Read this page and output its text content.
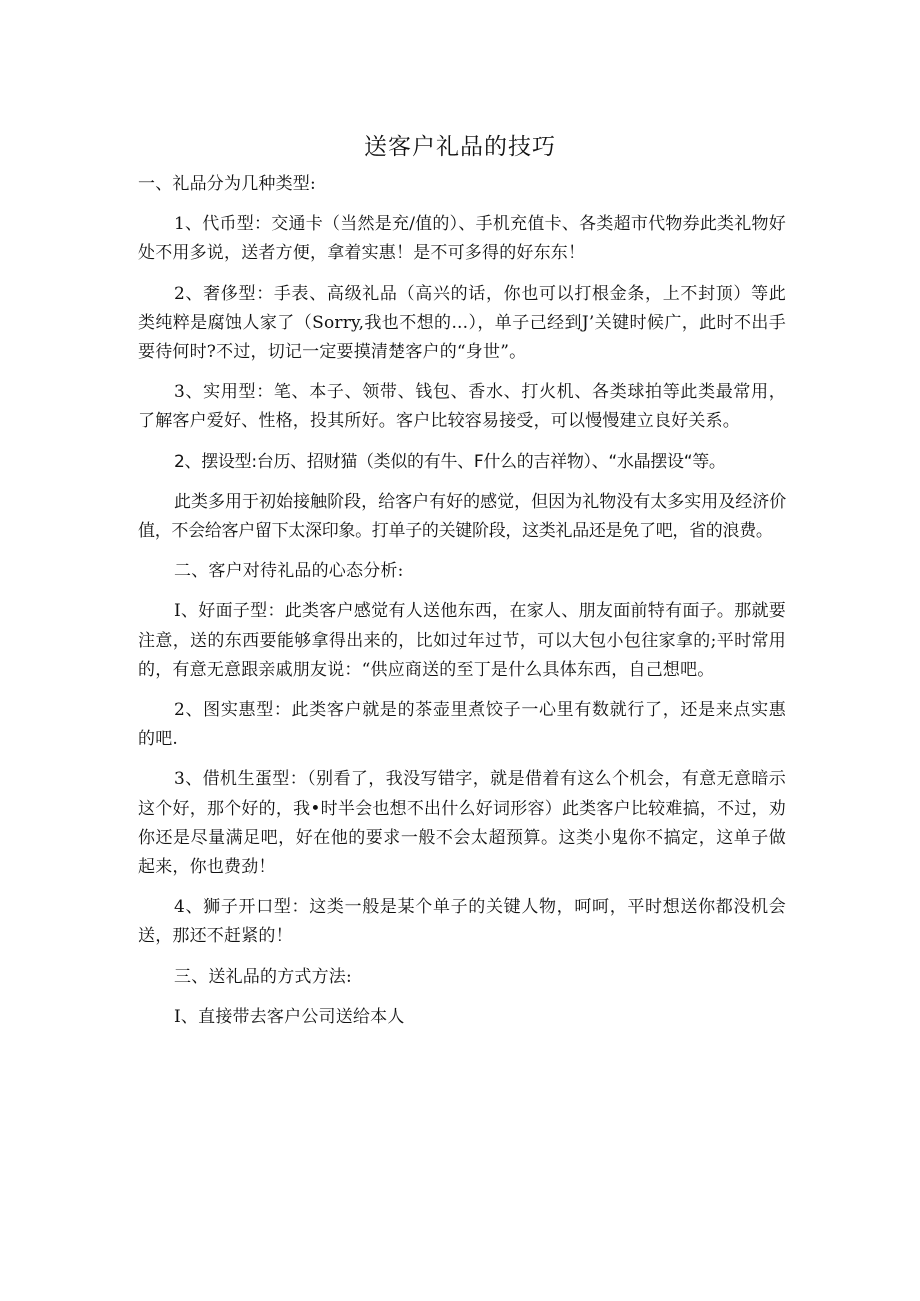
送客户礼品的技巧

一、礼品分为几种类型:

1、代币型：交通卡（当然是充/值的）、手机充值卡、各类超市代物券此类礼物好处不用多说，送者方便，拿着实惠！是不可多得的好东东！

2、奢侈型：手表、高级礼品（高兴的话，你也可以打根金条，上不封顶）等此类纯粹是腐蚀人家了（Sorry,我也不想的...），单子己经到J’关键时候广，此时不出手要待何时?不过，切记一定要摸清楚客户的“身世”。

3、实用型：笔、本子、领带、钱包、香水、打火机、各类球拍等此类最常用，了解客户爱好、性格，投其所好。客户比较容易接受，可以慢慢建立良好关系。

2、摆设型:台历、招财猫（类似的有牛、F什么的吉祥物）、“水晶摆设“等。

此类多用于初始接触阶段，给客户有好的感觉，但因为礼物没有太多实用及经济价值，不会给客户留下太深印象。打单子的关键阶段，这类礼品还是免了吧，省的浪费。

二、客户对待礼品的心态分析:

I、好面子型：此类客户感觉有人送他东西，在家人、朋友面前特有面子。那就要注意，送的东西要能够拿得出来的，比如过年过节，可以大包小包往家拿的;平时常用的，有意无意跟亲戚朋友说：“供应商送的至丁是什么具体东西，自己想吧。

2、图实惠型：此类客户就是的茶壶里煮饺子一心里有数就行了，还是来点实惠的吧.

3、借机生蛋型：（别看了，我没写错字，就是借着有这么个机会，有意无意暗示这个好，那个好的，我•时半会也想不出什么好词形容）此类客户比较难搞，不过，劝你还是尽量满足吧，好在他的要求一般不会太超预算。这类小鬼你不搞定，这单子做起来，你也费劲！

4、狮子开口型：这类一般是某个单子的关键人物，呵呵，平时想送你都没机会送，那还不赶紧的！

三、送礼品的方式方法:

I、直接带去客户公司送给本人
